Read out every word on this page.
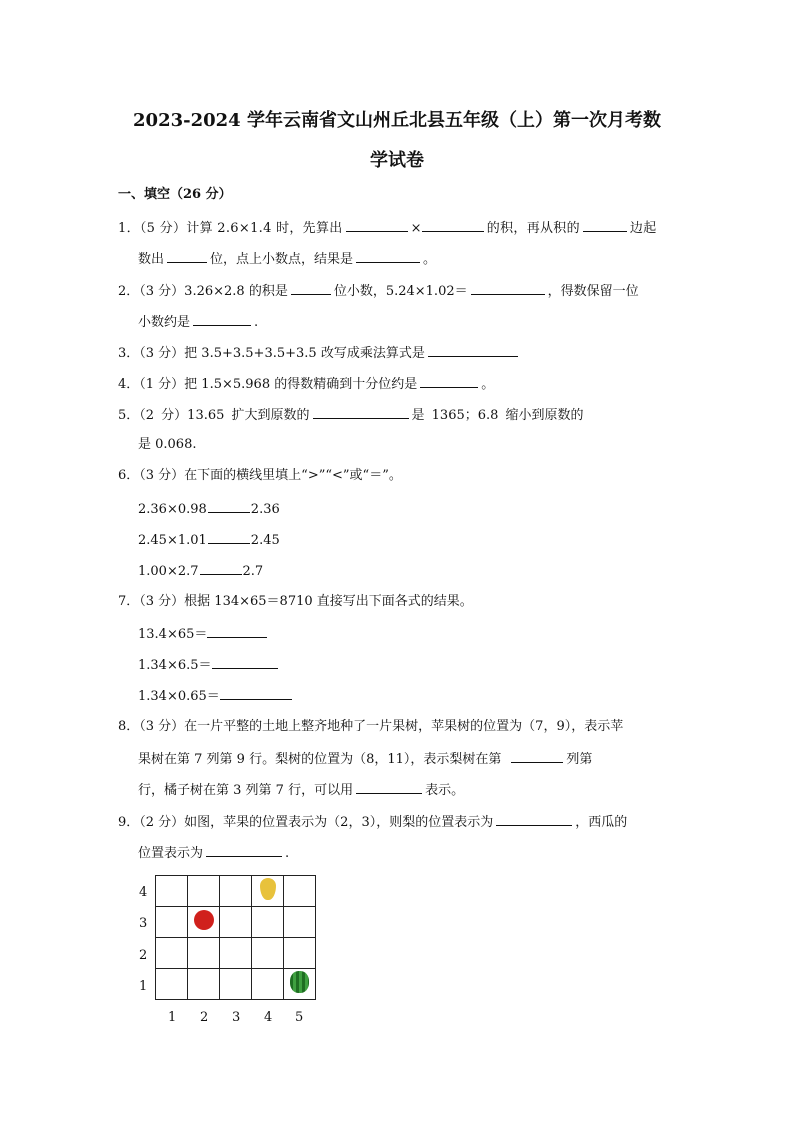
2023-2024 学年云南省文山州丘北县五年级（上）第一次月考数
学试卷
一、填空（26 分）
1．（5 分）计算 2.6×1.4 时，先算出	×	的积，再从积的	边起
数出	位，点上小数点，结果是	。
2．（3 分）3.26×2.8 的积是	位小数，5.24×1.02＝	，得数保留一位
小数约是	.
3．（3 分）把 3.5+3.5+3.5+3.5 改写成乘法算式是
4．（1 分）把 1.5×5.968 的得数精确到十分位约是	。
5．（2 分）13.65 扩大到原数的	是 1365；6.8 缩小到原数的
是 0.068.
6．（3 分）在下面的横线里填上“>”“<”或“＝”。
2.36×0.98	2.36
2.45×1.01	2.45
1.00×2.7	2.7
7．（3 分）根据 134×65＝8710 直接写出下面各式的结果。
13.4×65＝
1.34×6.5＝
1.34×0.65＝
8．（3 分）在一片平整的土地上整齐地种了一片果树，苹果树的位置为（7，9），表示苹
果树在第 7 列第 9 行。梨树的位置为（8，11），表示梨树在第	列第
行，橘子树在第 3 列第 7 行，可以用	表示。
9．（2 分）如图，苹果的位置表示为（2，3），则梨的位置表示为	，西瓜的
位置表示为	.

4
3
2
1
1 2 3 4 5
